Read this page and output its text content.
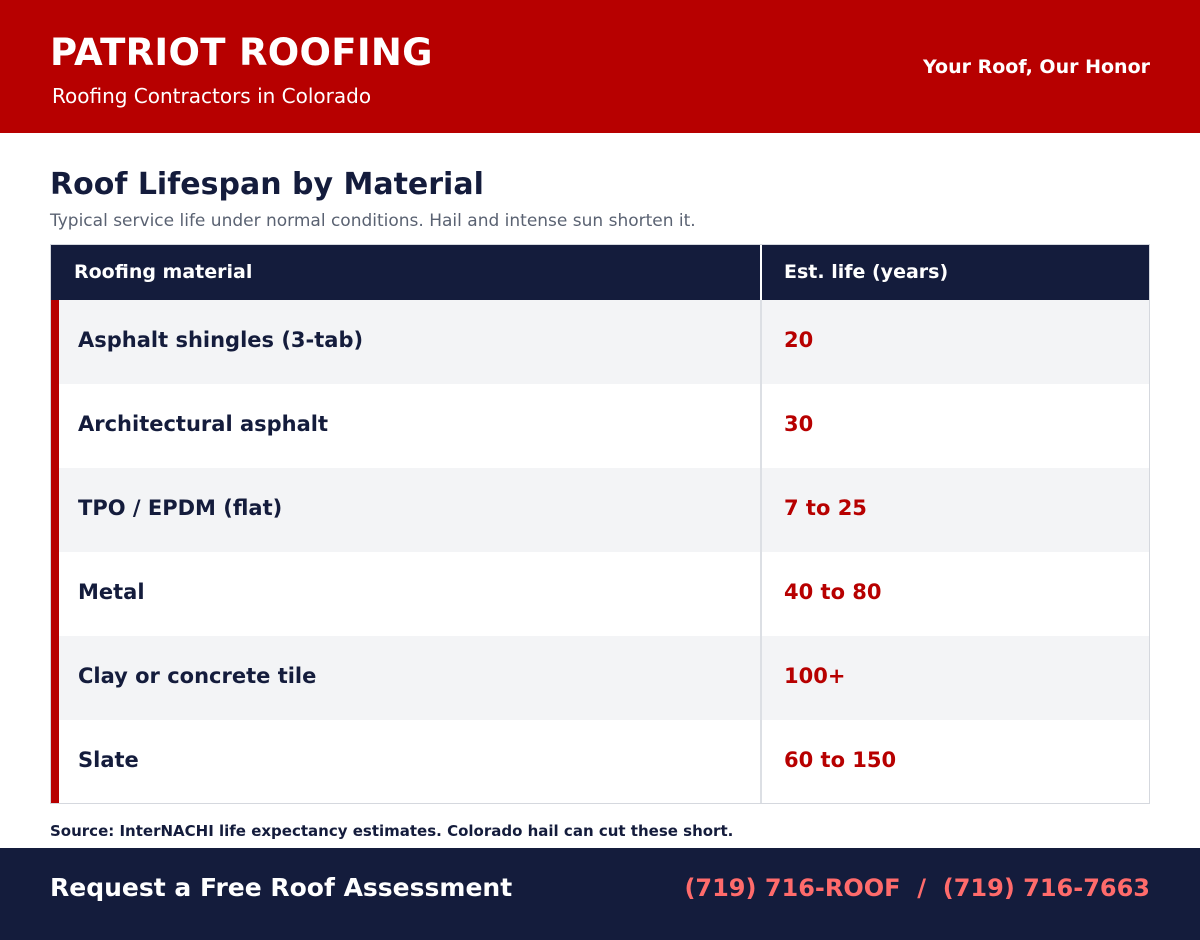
PATRIOT ROOFING
Roofing Contractors in Colorado
Your Roof, Our Honor
Roof Lifespan by Material
Typical service life under normal conditions. Hail and intense sun shorten it.
Roofing material	Est. life (years)
Asphalt shingles (3-tab)	20
Architectural asphalt	30
TPO / EPDM (flat)	7 to 25
Metal	40 to 80
Clay or concrete tile	100+
Slate	60 to 150
Source: InterNACHI life expectancy estimates. Colorado hail can cut these short.
Request a Free Roof Assessment	(719) 716-ROOF  /  (719) 716-7663
